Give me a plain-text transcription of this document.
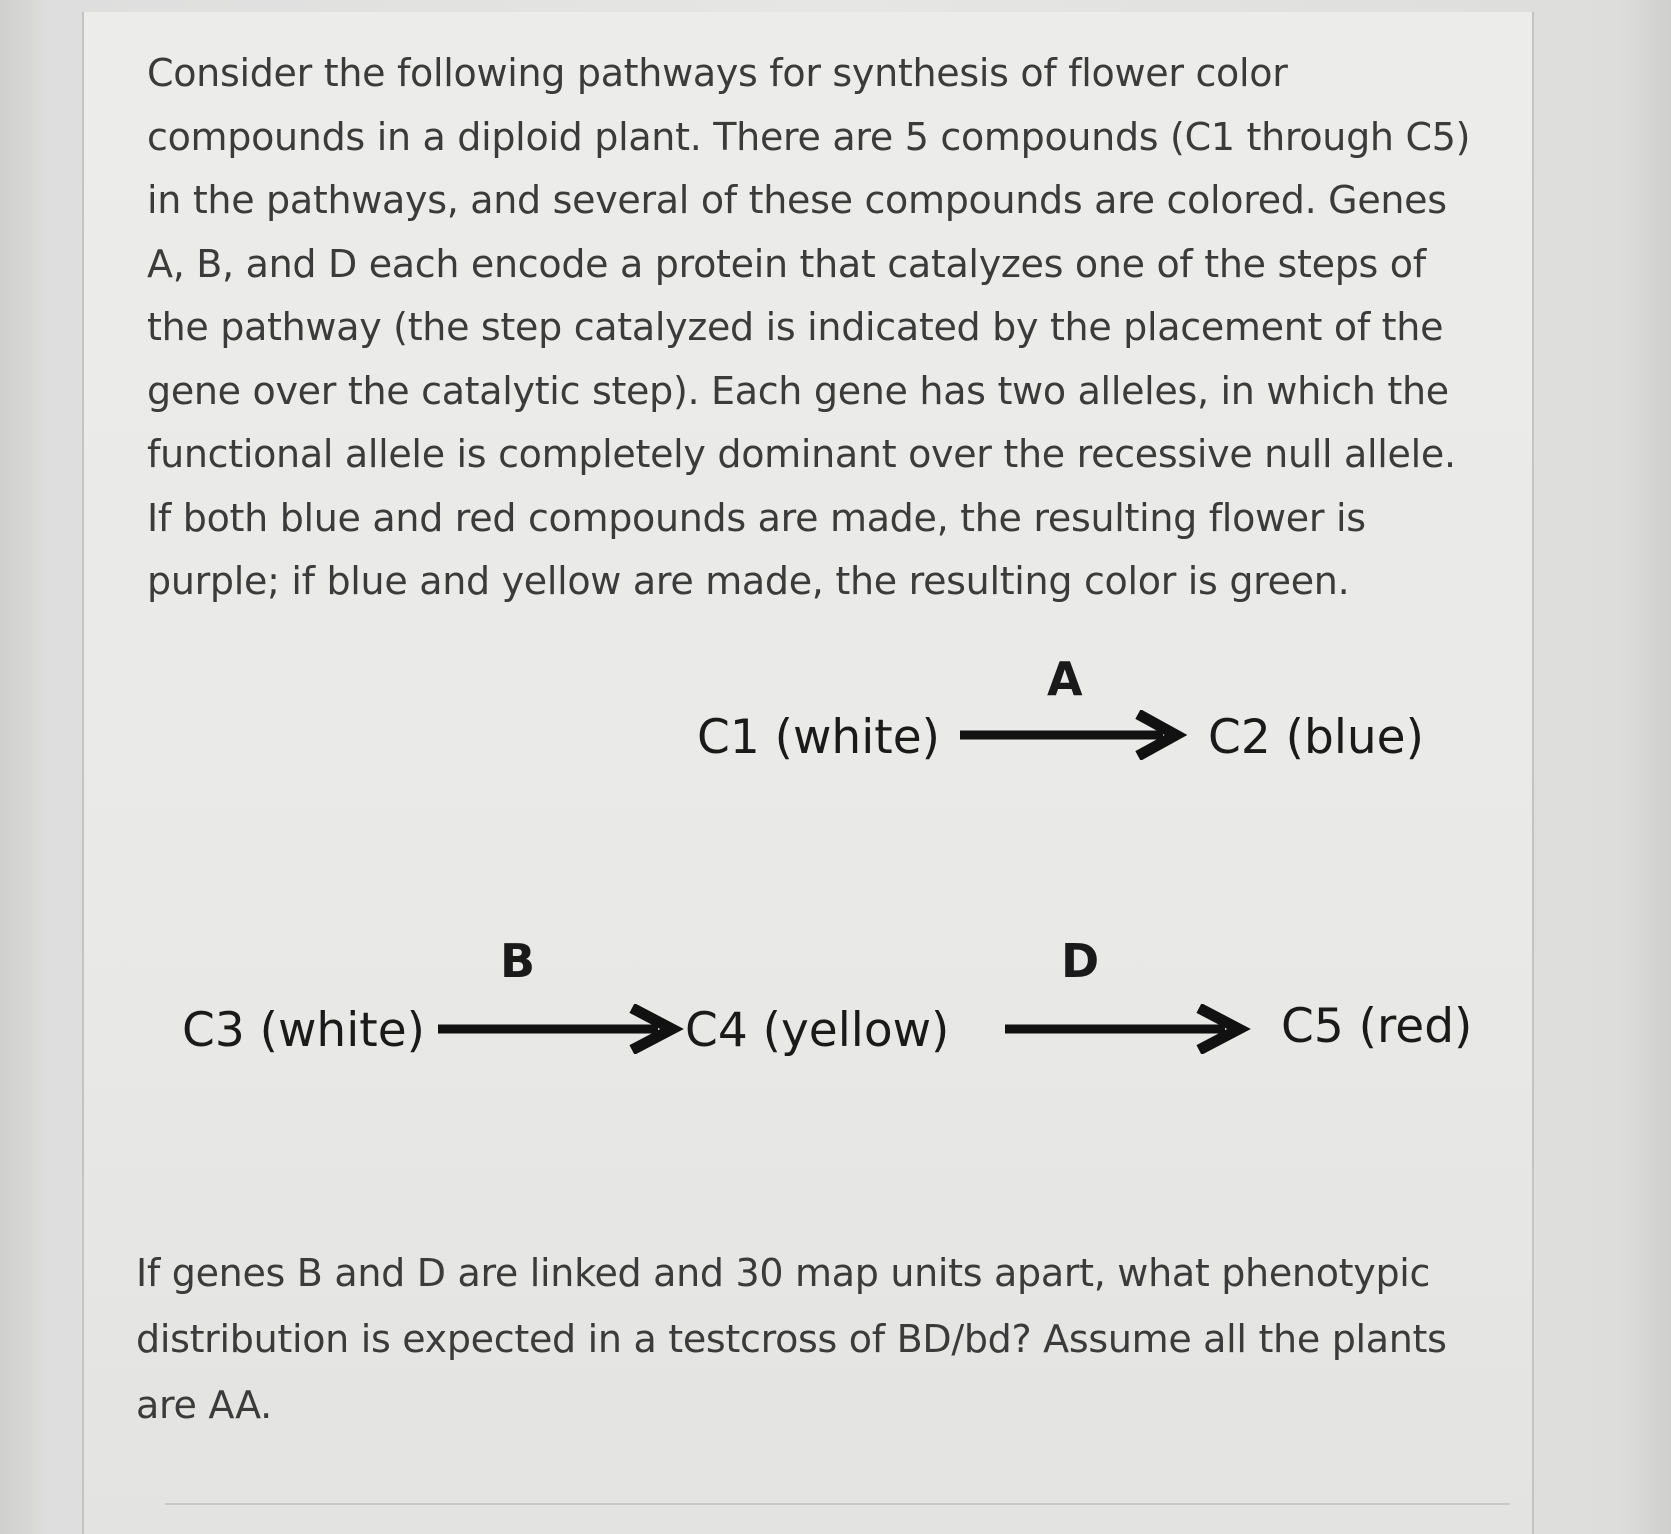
Consider the following pathways for synthesis of flower color compounds in a diploid plant. There are 5 compounds (C1 through C5) in the pathways, and several of these compounds are colored. Genes A, B, and D each encode a protein that catalyzes one of the steps of the pathway (the step catalyzed is indicated by the placement of the gene over the catalytic step). Each gene has two alleles, in which the functional allele is completely dominant over the recessive null allele. If both blue and red compounds are made, the resulting flower is purple; if blue and yellow are made, the resulting color is green.

C1 (white)
A
C2 (blue)
C3 (white)
B
C4 (yellow)
D
C5 (red)

If genes B and D are linked and 30 map units apart, what phenotypic distribution is expected in a testcross of BD/bd? Assume all the plants are AA.
